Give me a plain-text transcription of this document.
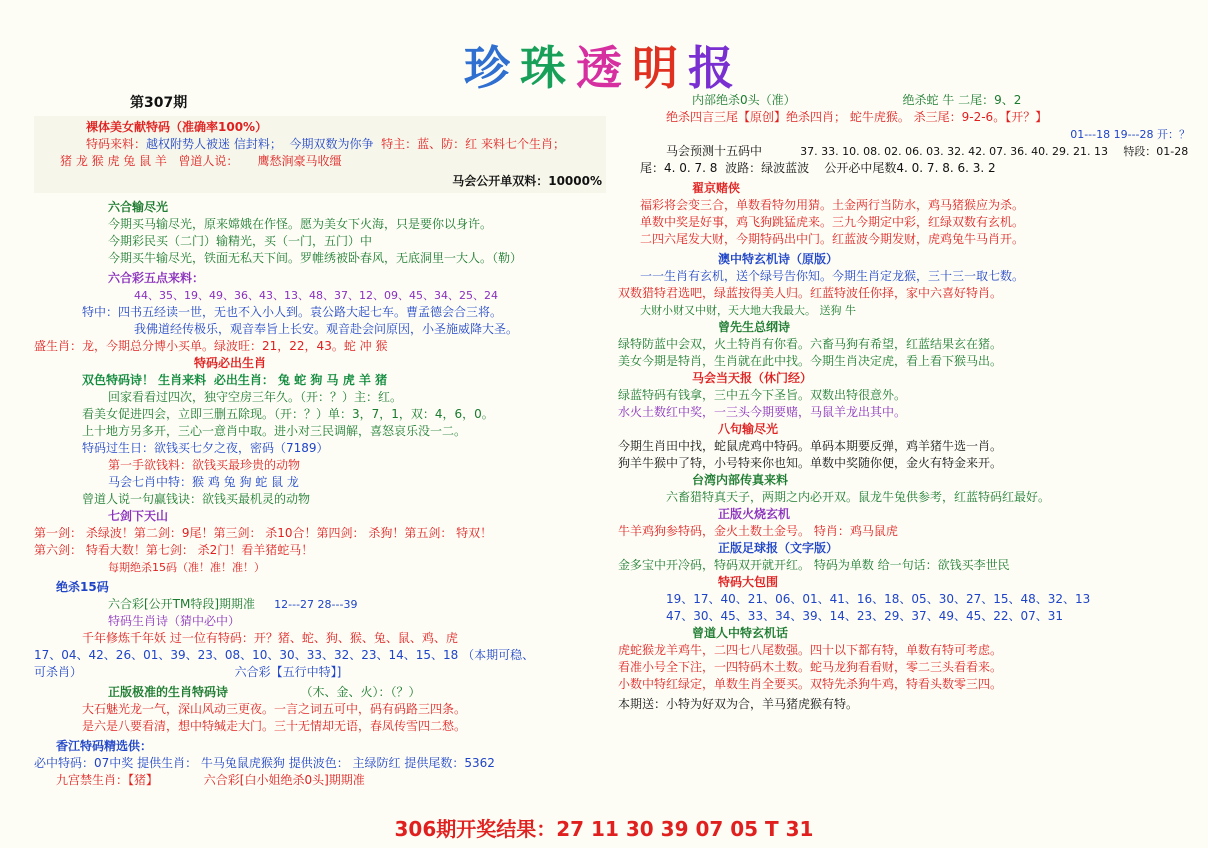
珍珠透明报
第307期
裸体美女献特码（准确率100%）
特码来料：越权附势人被迷 信封料； 今期双数为你争 特主：蓝、防：红 来料七个生肖；
猪 龙 猴 虎 兔 鼠 羊 曾道人说： 鹰愁涧豪马收缰
马会公开单双料：10000%
六合输尽光
今期买马输尽光，原来嫦娥在作怪。愿为美女下火海，只是要你以身许。
今期彩民买（二门）输精光，买（一门，五门）中
今期买牛输尽光，铁面无私天下间。罗帷绣被卧春风，无底洞里一大人。（勒）
六合彩五点来料：
44、35、19、49、36、43、13、48、37、12、09、45、34、25、24
特中：四书五经读一世，无也不入小人到。袁公路大起七车。曹孟德会合三将。
我佛道经传极乐，观音奉旨上长安。观音赴会问原因，小圣施威降大圣。
盛生肖：龙，今期总分博小买单。绿波旺：21，22，43。蛇 冲 猴
特码必出生肖
双色特码诗！ 生肖来料 必出生肖： 兔 蛇 狗 马 虎 羊 猪
回家看看过四次，独守空房三年久。（开：？）主：红。
看美女促进四会，立即三删五除现。（开：？）单：3，7，1，双：4，6，0。
上十地方另多开，三心一意肖中取。进小对三民调解，喜怒哀乐没一二。
特码过生日：欲钱买七夕之夜，密码（7189）
第一手欲钱料：欲钱买最珍贵的动物
马会七肖中特：猴 鸡 兔 狗 蛇 鼠 龙
曾道人说一句赢钱诀：欲钱买最机灵的动物
七剑下天山
第一剑： 杀绿波！第二剑：9尾！第三剑： 杀10合！第四剑： 杀狗！第五剑： 特双！
第六剑： 特看大数！第七剑： 杀2门！看羊猪蛇马！
每期绝杀15码（准！准！准！）
绝杀15码
六合彩[公开TM特段]期期准 12---27 28---39
特码生肖诗（猜中必中）
千年修炼千年妖 过一位有特码：开？猪、蛇、狗、猴、兔、鼠、鸡、虎
17、04、42、26、01、39、23、08、10、30、33、32、23、14、15、18 （本期可稳、
可杀肖）	六合彩【五行中特】]
正版极准的生肖特码诗	（木、金、火）：（？）
大石魅光龙一气，深山风动三更夜。一言之词五可中，码有码路三四条。
是六是八要看清，想中特缄走大门。三十无情却无语，春凤传雪四二愁。
香江特码精选供：
必中特码：07中奖 提供生肖： 牛马兔鼠虎猴狗 提供波色： 主绿防红 提供尾数：5362
九宫禁生肖：【猪】	六合彩[白小姐绝杀0头]期期准
内部绝杀0头（准）	绝杀蛇 牛 二尾：9、2
绝杀四言三尾【原创】绝杀四肖； 蛇牛虎猴。 杀三尾：9-2-6。【开？】
01---18 19---28 开：？
马会预测十五码中	37. 33. 10. 08. 02. 06. 03. 32. 42. 07. 36. 40. 29. 21. 13 特段：01-28
尾：4. 0. 7. 8 波路：绿波蓝波 公开必中尾数4. 0. 7. 8. 6. 3. 2
翟京赌侠
福彩将会变三合，单数看特勿用猜。土金两行当防水，鸡马猪猴应为杀。
单数中奖是好事，鸡飞狗跳猛虎来。三九今期定中彩，红绿双数有玄机。
二四六尾发大财，今期特码出中门。红蓝波今期发财，虎鸡兔牛马肖开。
澳中特玄机诗（原版）
一一生肖有玄机，送个绿号告你知。今期生肖定龙猴，三十三一取七数。
双数猎特君选吧，绿蓝按得美人归。红蓝特波任你择，家中六喜好特肖。
大财小财又中财，天大地大我最大。 送狗 牛
曾先生总纲诗
绿特防蓝中会双，火土特肖有你看。六畜马狗有希望，红蓝结果玄在猪。
美女今期是特肖，生肖就在此中找。今期生肖决定虎，看上看下猴马出。
马会当天报（休门经）
绿蓝特码有钱拿，三中五今下圣旨。双数出特很意外。
水火土数红中奖，一三头今期要赌，马鼠羊龙出其中。
八句输尽光
今期生肖田中找，蛇鼠虎鸡中特码。单码本期要反弹，鸡羊猪牛选一肖。
狗羊牛猴中了特，小号特来你也知。单数中奖随你便，金火有特金来开。
台湾内部传真来料
六畜猎特真天子，两期之内必开双。鼠龙牛兔供参考，红蓝特码红最好。
正版火烧玄机
牛羊鸡狗参特码，金火土数土金号。 特肖：鸡马鼠虎
正版足球报（文字版）
金多宝中开冷码，特码双开就开红。 特码为单数 给一句话：欲钱买李世民
特码大包围
19、17、40、21、06、01、41、16、18、05、30、27、15、48、32、13
47、30、45、33、34、39、14、23、29、37、49、45、22、07、31
曾道人中特玄机话
虎蛇猴龙羊鸡牛，二四七八尾数强。四十以下都有特，单数有特可考虑。
看准小号全下注，一四特码木土数。蛇马龙狗看看财，零二三头看看来。
小数中特红绿定，单数生肖全要买。双特先杀狗牛鸡，特看头数零三四。
本期送：小特为好双为合，羊马猪虎猴有特。
306期开奖结果：27 11 30 39 07 05 T 31
